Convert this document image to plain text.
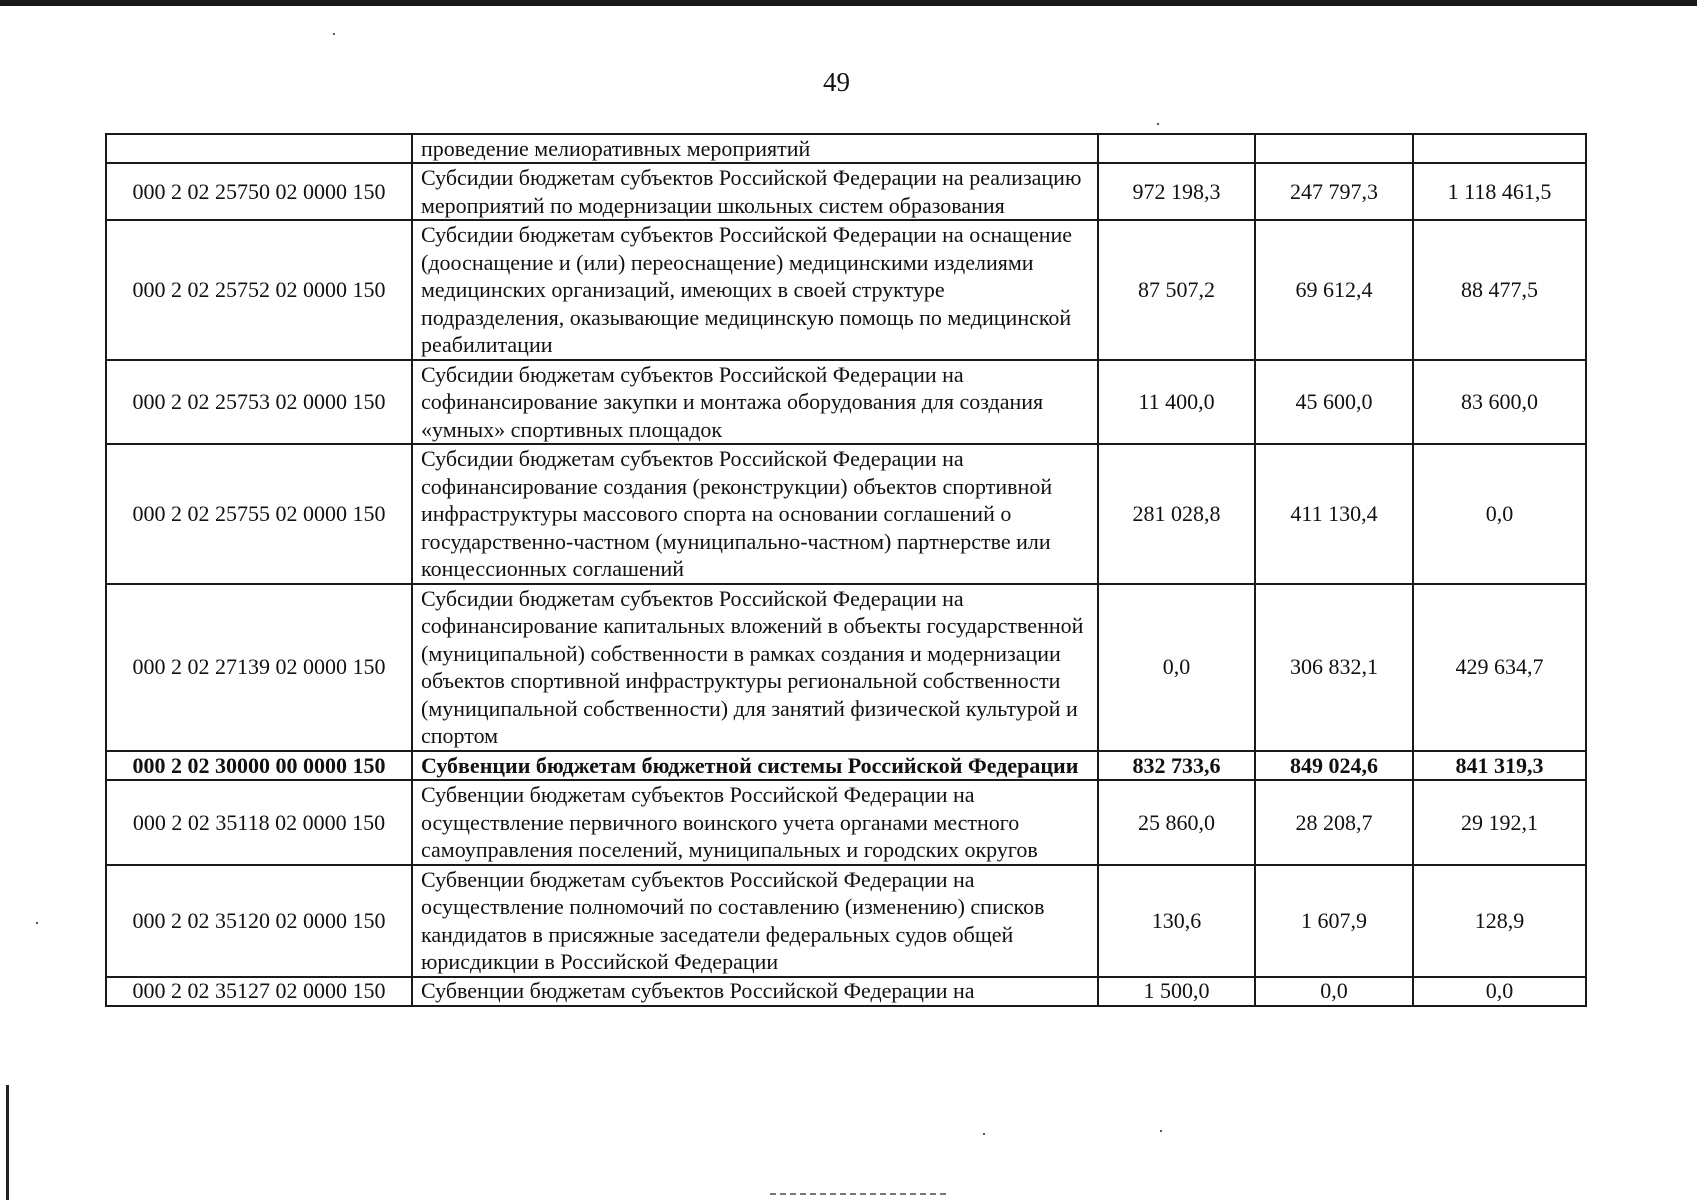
49
	проведение мелиоративных мероприятий			
000 2 02 25750 02 0000 150	Субсидии бюджетам субъектов Российской Федерации на реализацию мероприятий по модернизации школьных систем образования	972 198,3	247 797,3	1 118 461,5
000 2 02 25752 02 0000 150	Субсидии бюджетам субъектов Российской Федерации на оснащение (дооснащение и (или) переоснащение) медицинскими изделиями медицинских организаций, имеющих в своей структуре подразделения, оказывающие медицинскую помощь по медицинской реабилитации	87 507,2	69 612,4	88 477,5
000 2 02 25753 02 0000 150	Субсидии бюджетам субъектов Российской Федерации на софинансирование закупки и монтажа оборудования для создания «умных» спортивных площадок	11 400,0	45 600,0	83 600,0
000 2 02 25755 02 0000 150	Субсидии бюджетам субъектов Российской Федерации на софинансирование создания (реконструкции) объектов спортивной инфраструктуры массового спорта на основании соглашений о государственно-частном (муниципально-частном) партнерстве или концессионных соглашений	281 028,8	411 130,4	0,0
000 2 02 27139 02 0000 150	Субсидии бюджетам субъектов Российской Федерации на софинансирование капитальных вложений в объекты государственной (муниципальной) собственности в рамках создания и модернизации объектов спортивной инфраструктуры региональной собственности (муниципальной собственности) для занятий физической культурой и спортом	0,0	306 832,1	429 634,7
000 2 02 30000 00 0000 150	Субвенции бюджетам бюджетной системы Российской Федерации	832 733,6	849 024,6	841 319,3
000 2 02 35118 02 0000 150	Субвенции бюджетам субъектов Российской Федерации на осуществление первичного воинского учета органами местного самоуправления поселений, муниципальных и городских округов	25 860,0	28 208,7	29 192,1
000 2 02 35120 02 0000 150	Субвенции бюджетам субъектов Российской Федерации на осуществление полномочий по составлению (изменению) списков кандидатов в присяжные заседатели федеральных судов общей юрисдикции в Российской Федерации	130,6	1 607,9	128,9
000 2 02 35127 02 0000 150	Субвенции бюджетам субъектов Российской Федерации на	1 500,0	0,0	0,0
